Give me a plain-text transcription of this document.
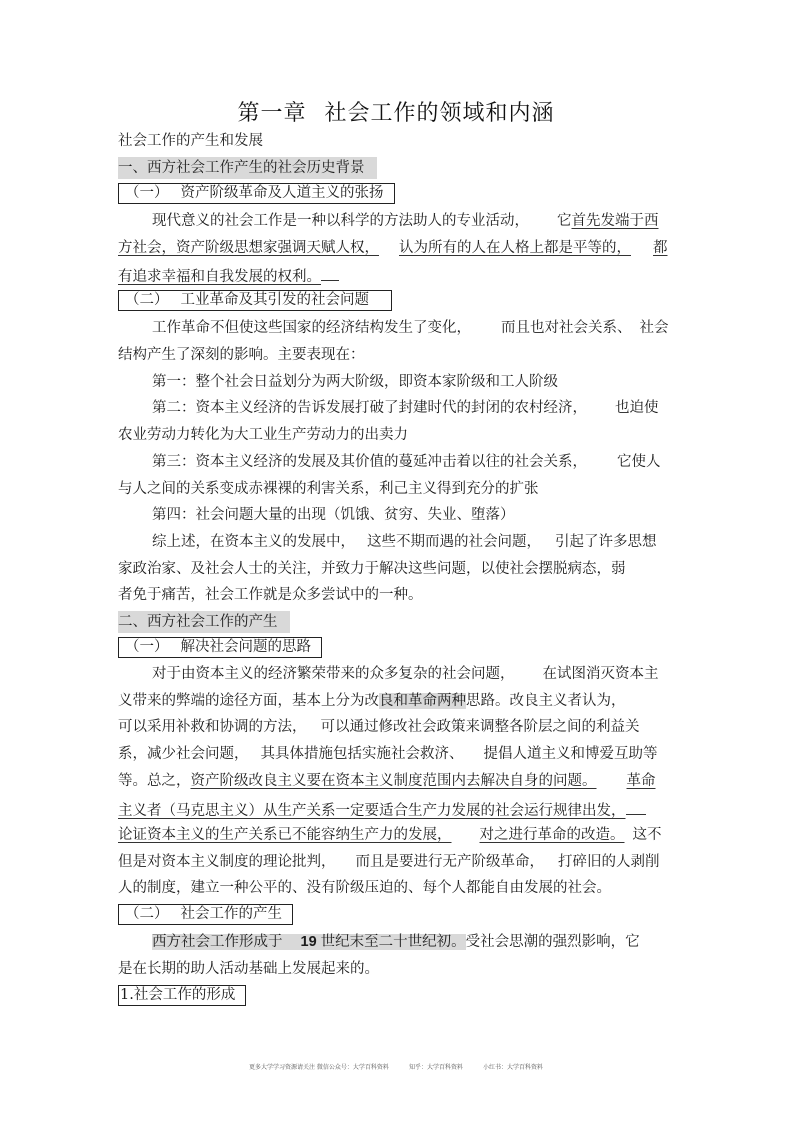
第一章 社会工作的领域和内涵
社会工作的产生和发展
一、西方社会工作产生的社会历史背景
（一） 资产阶级革命及人道主义的张扬
现代意义的社会工作是一种以科学的方法助人的专业活动， 它首先发端于西
方社会，资产阶级思想家强调天赋人权， 认为所有的人在人格上都是平等的， 都
有追求幸福和自我发展的权利。
（二） 工业革命及其引发的社会问题
工作革命不但使这些国家的经济结构发生了变化， 而且也对社会关系、 社会
结构产生了深刻的影响。主要表现在：
第一：整个社会日益划分为两大阶级，即资本家阶级和工人阶级
第二：资本主义经济的告诉发展打破了封建时代的封闭的农村经济， 也迫使
农业劳动力转化为大工业生产劳动力的出卖力
第三：资本主义经济的发展及其价值的蔓延冲击着以往的社会关系， 它使人
与人之间的关系变成赤裸裸的利害关系，利己主义得到充分的扩张
第四：社会问题大量的出现（饥饿、贫穷、失业、堕落）
综上述，在资本主义的发展中， 这些不期而遇的社会问题， 引起了许多思想
家政治家、及社会人士的关注，并致力于解决这些问题，以使社会摆脱病态，弱
者免于痛苦，社会工作就是众多尝试中的一种。
二、西方社会工作的产生
（一） 解决社会问题的思路
对于由资本主义的经济繁荣带来的众多复杂的社会问题， 在试图消灭资本主
义带来的弊端的途径方面，基本上分为改良和革命两种思路。改良主义者认为，
可以采用补救和协调的方法， 可以通过修改社会政策来调整各阶层之间的利益关
系，减少社会问题， 其具体措施包括实施社会救济、 提倡人道主义和博爱互助等
等。总之，资产阶级改良主义要在资本主义制度范围内去解决自身的问题。 革命
主义者（马克思主义）从生产关系一定要适合生产力发展的社会运行规律出发，
论证资本主义的生产关系已不能容纳生产力的发展， 对之进行革命的改造。 这不
但是对资本主义制度的理论批判， 而且是要进行无产阶级革命， 打碎旧的人剥削
人的制度，建立一种公平的、没有阶级压迫的、每个人都能自由发展的社会。
（二） 社会工作的产生
西方社会工作形成于 19 世纪末至二十世纪初。受社会思潮的强烈影响，它
是在长期的助人活动基础上发展起来的。
1.社会工作的形成
更多大学学习资源请关注 微信公众号：大学百科资料	知乎：大学百科资料	小红书：大学百科资料
